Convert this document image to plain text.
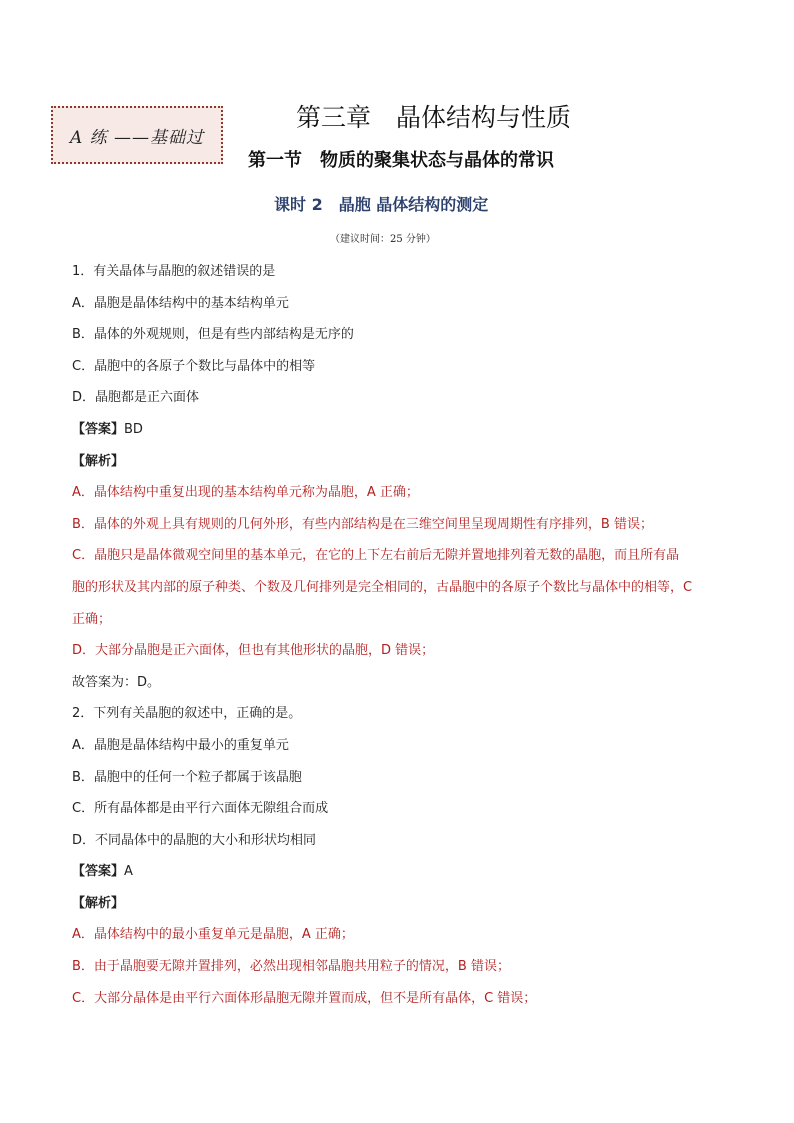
A 练 ——基础过
第三章　晶体结构与性质
第一节　物质的聚集状态与晶体的常识
课时 2　晶胞 晶体结构的测定
（建议时间：25 分钟）
1．有关晶体与晶胞的叙述错误的是
A．晶胞是晶体结构中的基本结构单元
B．晶体的外观规则，但是有些内部结构是无序的
C．晶胞中的各原子个数比与晶体中的相等
D．晶胞都是正六面体
【答案】BD
【解析】
A．晶体结构中重复出现的基本结构单元称为晶胞，A 正确；
B．晶体的外观上具有规则的几何外形，有些内部结构是在三维空间里呈现周期性有序排列，B 错误；
C．晶胞只是晶体微观空间里的基本单元，在它的上下左右前后无隙并置地排列着无数的晶胞，而且所有晶
胞的形状及其内部的原子种类、个数及几何排列是完全相同的，古晶胞中的各原子个数比与晶体中的相等，C
正确；
D．大部分晶胞是正六面体，但也有其他形状的晶胞，D 错误；
故答案为：D。
2．下列有关晶胞的叙述中，正确的是。
A．晶胞是晶体结构中最小的重复单元
B．晶胞中的任何一个粒子都属于该晶胞
C．所有晶体都是由平行六面体无隙组合而成
D．不同晶体中的晶胞的大小和形状均相同
【答案】A
【解析】
A．晶体结构中的最小重复单元是晶胞，A 正确；
B．由于晶胞要无隙并置排列，必然出现相邻晶胞共用粒子的情况，B 错误；
C．大部分晶体是由平行六面体形晶胞无隙并置而成，但不是所有晶体，C 错误；
